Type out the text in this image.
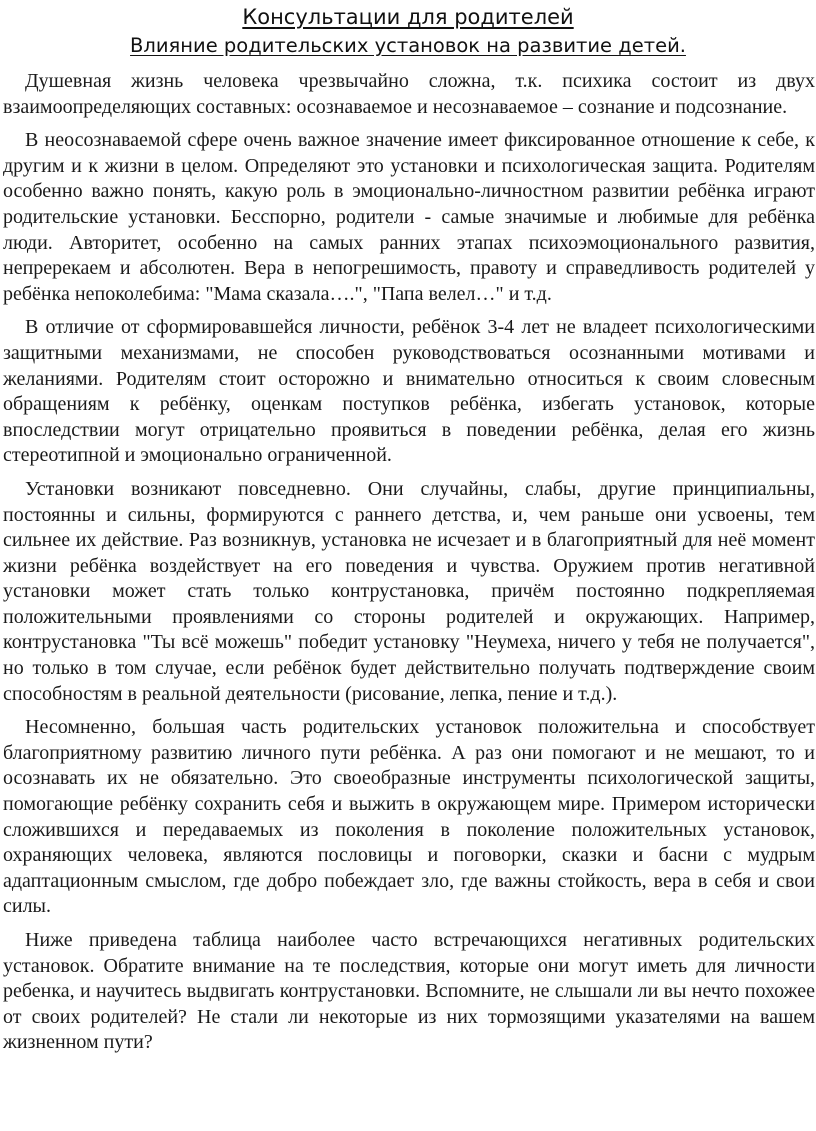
Консультации для родителей
Влияние родительских установок на развитие детей.

Душевная жизнь человека чрезвычайно сложна, т.к. психика состоит из двух взаимоопределяющих составных: осознаваемое и несознаваемое – сознание и подсознание.

В неосознаваемой сфере очень важное значение имеет фиксированное отношение к себе, к другим и к жизни в целом. Определяют это установки и психологическая защита. Родителям особенно важно понять, какую роль в эмоционально-личностном развитии ребёнка играют родительские установки. Бесспорно, родители - самые значимые и любимые для ребёнка люди. Авторитет, особенно на самых ранних этапах психоэмоционального развития, непререкаем и абсолютен. Вера в непогрешимость, правоту и справедливость родителей у ребёнка непоколебима: "Мама сказала….", "Папа велел…" и т.д.

В отличие от сформировавшейся личности, ребёнок 3-4 лет не владеет психологическими защитными механизмами, не способен руководствоваться осознанными мотивами и желаниями. Родителям стоит осторожно и внимательно относиться к своим словесным обращениям к ребёнку, оценкам поступков ребёнка, избегать установок, которые впоследствии могут отрицательно проявиться в поведении ребёнка, делая его жизнь стереотипной и эмоционально ограниченной.

Установки возникают повседневно. Они случайны, слабы, другие принципиальны, постоянны и сильны, формируются с раннего детства, и, чем раньше они усвоены, тем сильнее их действие. Раз возникнув, установка не исчезает и в благоприятный для неё момент жизни ребёнка воздействует на его поведения и чувства. Оружием против негативной установки может стать только контрустановка, причём постоянно подкрепляемая положительными проявлениями со стороны родителей и окружающих. Например, контрустановка "Ты всё можешь" победит установку "Неумеха, ничего у тебя не получается", но только в том случае, если ребёнок будет действительно получать подтверждение своим способностям в реальной деятельности (рисование, лепка, пение и т.д.).

Несомненно, большая часть родительских установок положительна и способствует благоприятному развитию личного пути ребёнка. А раз они помогают и не мешают, то и осознавать их не обязательно. Это своеобразные инструменты психологической защиты, помогающие ребёнку сохранить себя и выжить в окружающем мире. Примером исторически сложившихся и передаваемых из поколения в поколение положительных установок, охраняющих человека, являются пословицы и поговорки, сказки и басни с мудрым адаптационным смыслом, где добро побеждает зло, где важны стойкость, вера в себя и свои силы.

Ниже приведена таблица наиболее часто встречающихся негативных родительских установок. Обратите внимание на те последствия, которые они могут иметь для личности ребенка, и научитесь выдвигать контрустановки. Вспомните, не слышали ли вы нечто похожее от своих родителей? Не стали ли некоторые из них тормозящими указателями на вашем жизненном пути?
